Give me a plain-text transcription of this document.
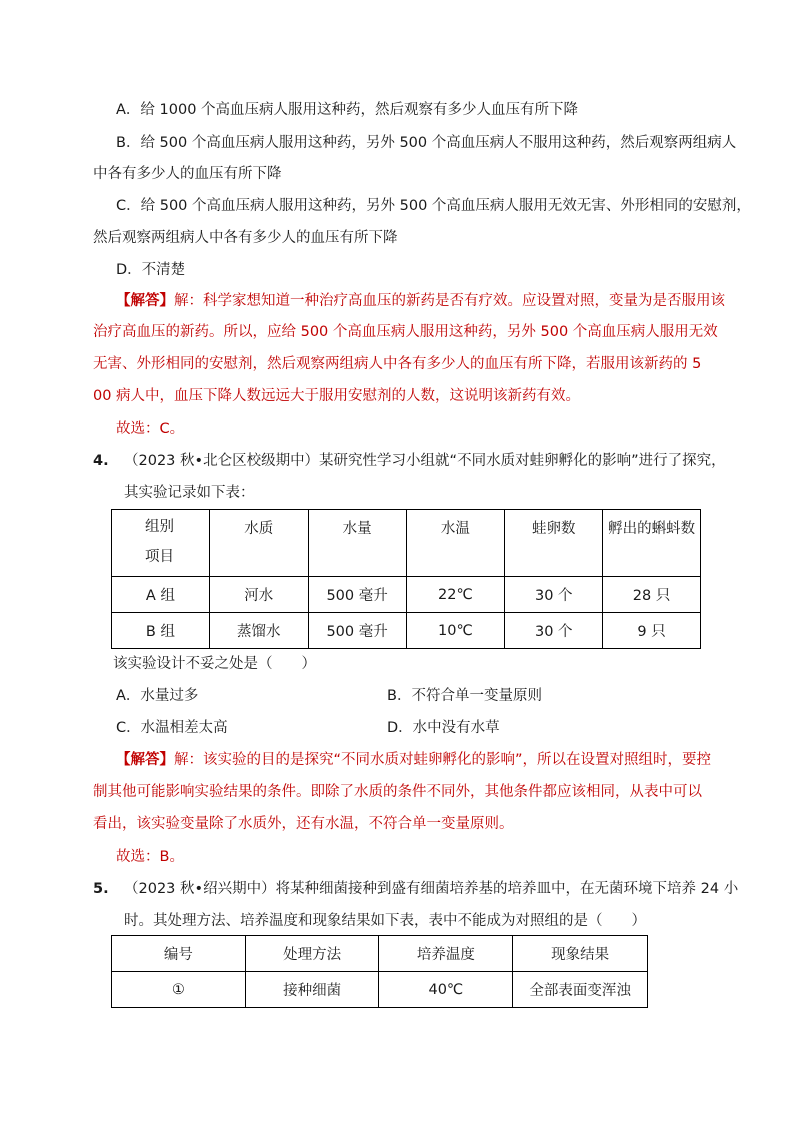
A．给 1000 个高血压病人服用这种药，然后观察有多少人血压有所下降
B．给 500 个高血压病人服用这种药，另外 500 个高血压病人不服用这种药，然后观察两组病人
中各有多少人的血压有所下降
C．给 500 个高血压病人服用这种药，另外 500 个高血压病人服用无效无害、外形相同的安慰剂，
然后观察两组病人中各有多少人的血压有所下降
D．不清楚
【解答】解：科学家想知道一种治疗高血压的新药是否有疗效。应设置对照，变量为是否服用该
治疗高血压的新药。所以，应给 500 个高血压病人服用这种药，另外 500 个高血压病人服用无效
无害、外形相同的安慰剂，然后观察两组病人中各有多少人的血压有所下降，若服用该新药的 5
00 病人中，血压下降人数远远大于服用安慰剂的人数，这说明该新药有效。
故选：C。
4. （2023 秋•北仑区校级期中）某研究性学习小组就“不同水质对蛙卵孵化的影响”进行了探究，
其实验记录如下表：
组别
项目	水质	水量	水温	蛙卵数	孵出的蝌蚪数
A 组	河水	500 毫升	22℃	30 个	28 只
B 组	蒸馏水	500 毫升	10℃	30 个	9 只
该实验设计不妥之处是（　　）
A．水量过多	B．不符合单一变量原则
C．水温相差太高	D．水中没有水草
【解答】解：该实验的目的是探究“不同水质对蛙卵孵化的影响”，所以在设置对照组时，要控
制其他可能影响实验结果的条件。即除了水质的条件不同外，其他条件都应该相同，从表中可以
看出，该实验变量除了水质外，还有水温，不符合单一变量原则。
故选：B。
5. （2023 秋•绍兴期中）将某种细菌接种到盛有细菌培养基的培养皿中，在无菌环境下培养 24 小
时。其处理方法、培养温度和现象结果如下表，表中不能成为对照组的是（　　）
编号	处理方法	培养温度	现象结果
①	接种细菌	40℃	全部表面变浑浊
